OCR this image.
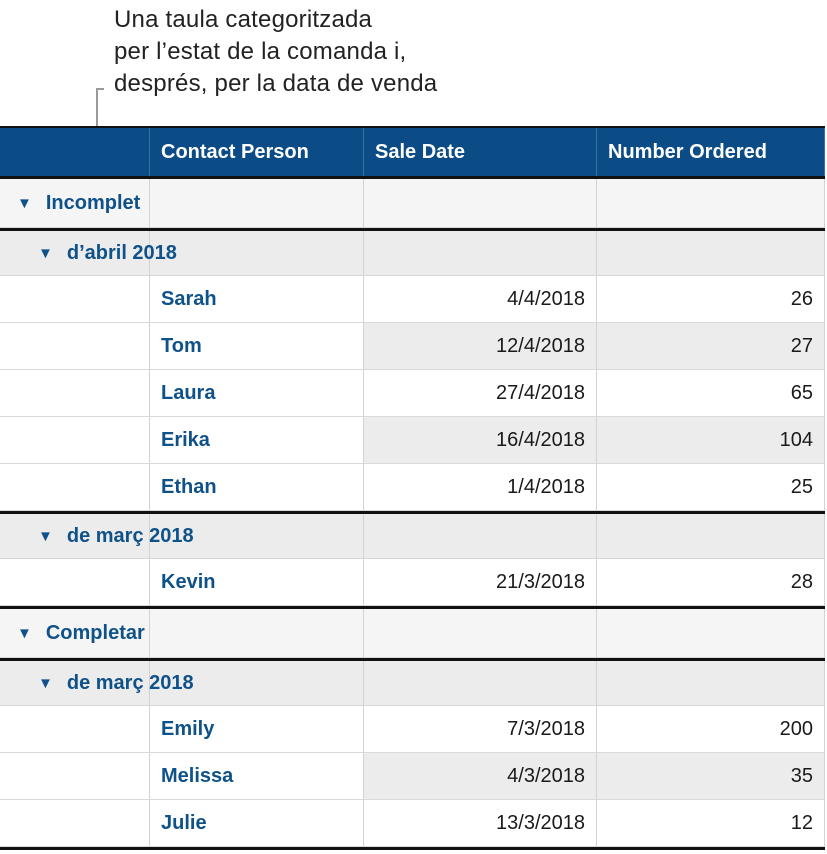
Una taula categoritzada
per l’estat de la comanda i,
després, per la data de venda
Contact Person	Sale Date	Number Ordered
▼ Incomplet
▼ d’abril 2018
Sarah	4/4/2018	26
Tom	12/4/2018	27
Laura	27/4/2018	65
Erika	16/4/2018	104
Ethan	1/4/2018	25
▼ de març 2018
Kevin	21/3/2018	28
▼ Completar
▼ de març 2018
Emily	7/3/2018	200
Melissa	4/3/2018	35
Julie	13/3/2018	12
